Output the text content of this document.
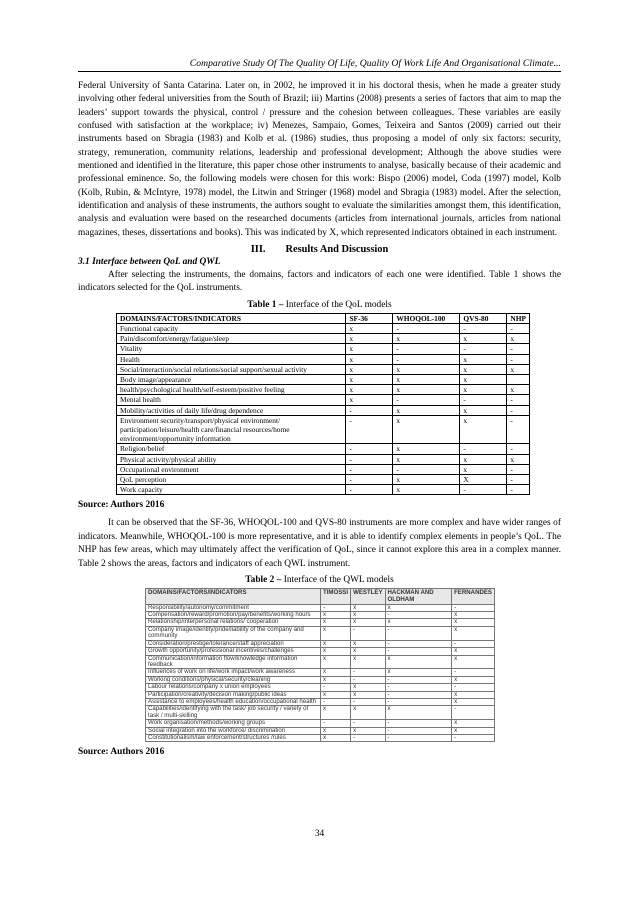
Comparative Study Of The Quality Of Life, Quality Of Work Life And Organisational Climate...

Federal University of Santa Catarina. Later on, in 2002, he improved it in his doctoral thesis, when he made a greater study involving other federal universities from the South of Brazil; iii) Martins (2008) presents a series of factors that aim to map the leaders’ support towards the physical, control / pressure and the cohesion between colleagues. These variables are easily confused with satisfaction at the workplace; iv) Menezes, Sampaio, Gomes, Teixeira and Santos (2009) carried out their instruments based on Sbragia (1983) and Kolb et al. (1986) studies, thus proposing a model of only six factors: security, strategy, remuneration, community relations, leadership and professional development; Although the above studies were mentioned and identified in the literature, this paper chose other instruments to analyse, basically because of their academic and professional eminence. So, the following models were chosen for this work: Bispo (2006) model, Coda (1997) model, Kolb (Kolb, Rubin, & McIntyre, 1978) model, the Litwin and Stringer (1968) model and Sbragia (1983) model. After the selection, identification and analysis of these instruments, the authors sought to evaluate the similarities amongst them, this identification, analysis and evaluation were based on the researched documents (articles from international journals, articles from national magazines, theses, dissertations and books). This was indicated by X, which represented indicators obtained in each instrument.

III. Results And Discussion
3.1 Interface between QoL and QWL

After selecting the instruments, the domains, factors and indicators of each one were identified. Table 1 shows the indicators selected for the QoL instruments.

Table 1 – Interface of the QoL models
DOMAINS/FACTORS/INDICATORS	SF-36	WHOQOL-100	QVS-80	NHP
Functional capacity	x	-	-	-
Pain/discomfort/energy/fatigue/sleep	x	x	x	x
Vitality	x	-	-	-
Health	x	-	x	-
Social/interaction/social relations/social support/sexual activity	x	x	x	x
Body image/appearance	x	x	x	
health/psychological health/self-esteem/positive feeling	x	x	x	x
Mental health	x	-	-	-
Mobility/activities of daily life/drug dependence	-	x	x	-
Environment security/transport/physical environment/ participation/leisure/health care/financial resources/home environment/opportunity information	-	x	x	-
Religion/belief	-	x	-	-
Physical activity/physical ability	-	x	x	x
Occupational environment	-	-	x	-
QoL perception	-	x	X	-
Work capacity	-	x	-	-
Source: Authors 2016

It can be observed that the SF-36, WHOQOL-100 and QVS-80 instruments are more complex and have wider ranges of indicators. Meanwhile, WHOQOL-100 is more representative, and it is able to identify complex elements in people’s QoL. The NHP has few areas, which may ultimately affect the verification of QoL, since it cannot explore this area in a complex manner. Table 2 shows the areas, factors and indicators of each QWL instrument.

Table 2 – Interface of the QWL models
DOMAINS/FACTORS/INDICATORS	TIMOSSI	WESTLEY	HACKMAN AND OLDHAM	FERNANDES
Responsibility/autonomy/commitment	-	x	x	-
Compensation/reward/promotion/pay/benefits/working hours	x	x	-	x
Relationship/interpersonal relations/ cooperation	x	x	x	x
Company image/identity/pride/liability of the company and community	x	-	-	x
Consideration/prestige/tolerance/staff appreciation	x	x	-	-
Growth opportunity/professional incentives/challenges	x	x	-	x
Communication/information flow/knowledge information feedback	x	x	x	x
Influences of work on life/work impact/work awareness	x	-	x	-
Working conditions/physical/security/cleaning	x	-	-	x
Labour relations/company x union employees	-	x	-	-
Participation/creativity/decision making/public ideas	x	x	-	x
Assistance to employees/health education/occupational health	-	-	-	x
Capabilities/identifying with the task/ job security / variety of task / multi-skilling	x	x	x	-
Work organisation/methods/working groups	-	-	-	x
Social integration into the workforce/ discrimination	x	x	-	x
Constitutionalism/law enforcement/structures /rules	x	-	-	-
Source: Authors 2016
34
